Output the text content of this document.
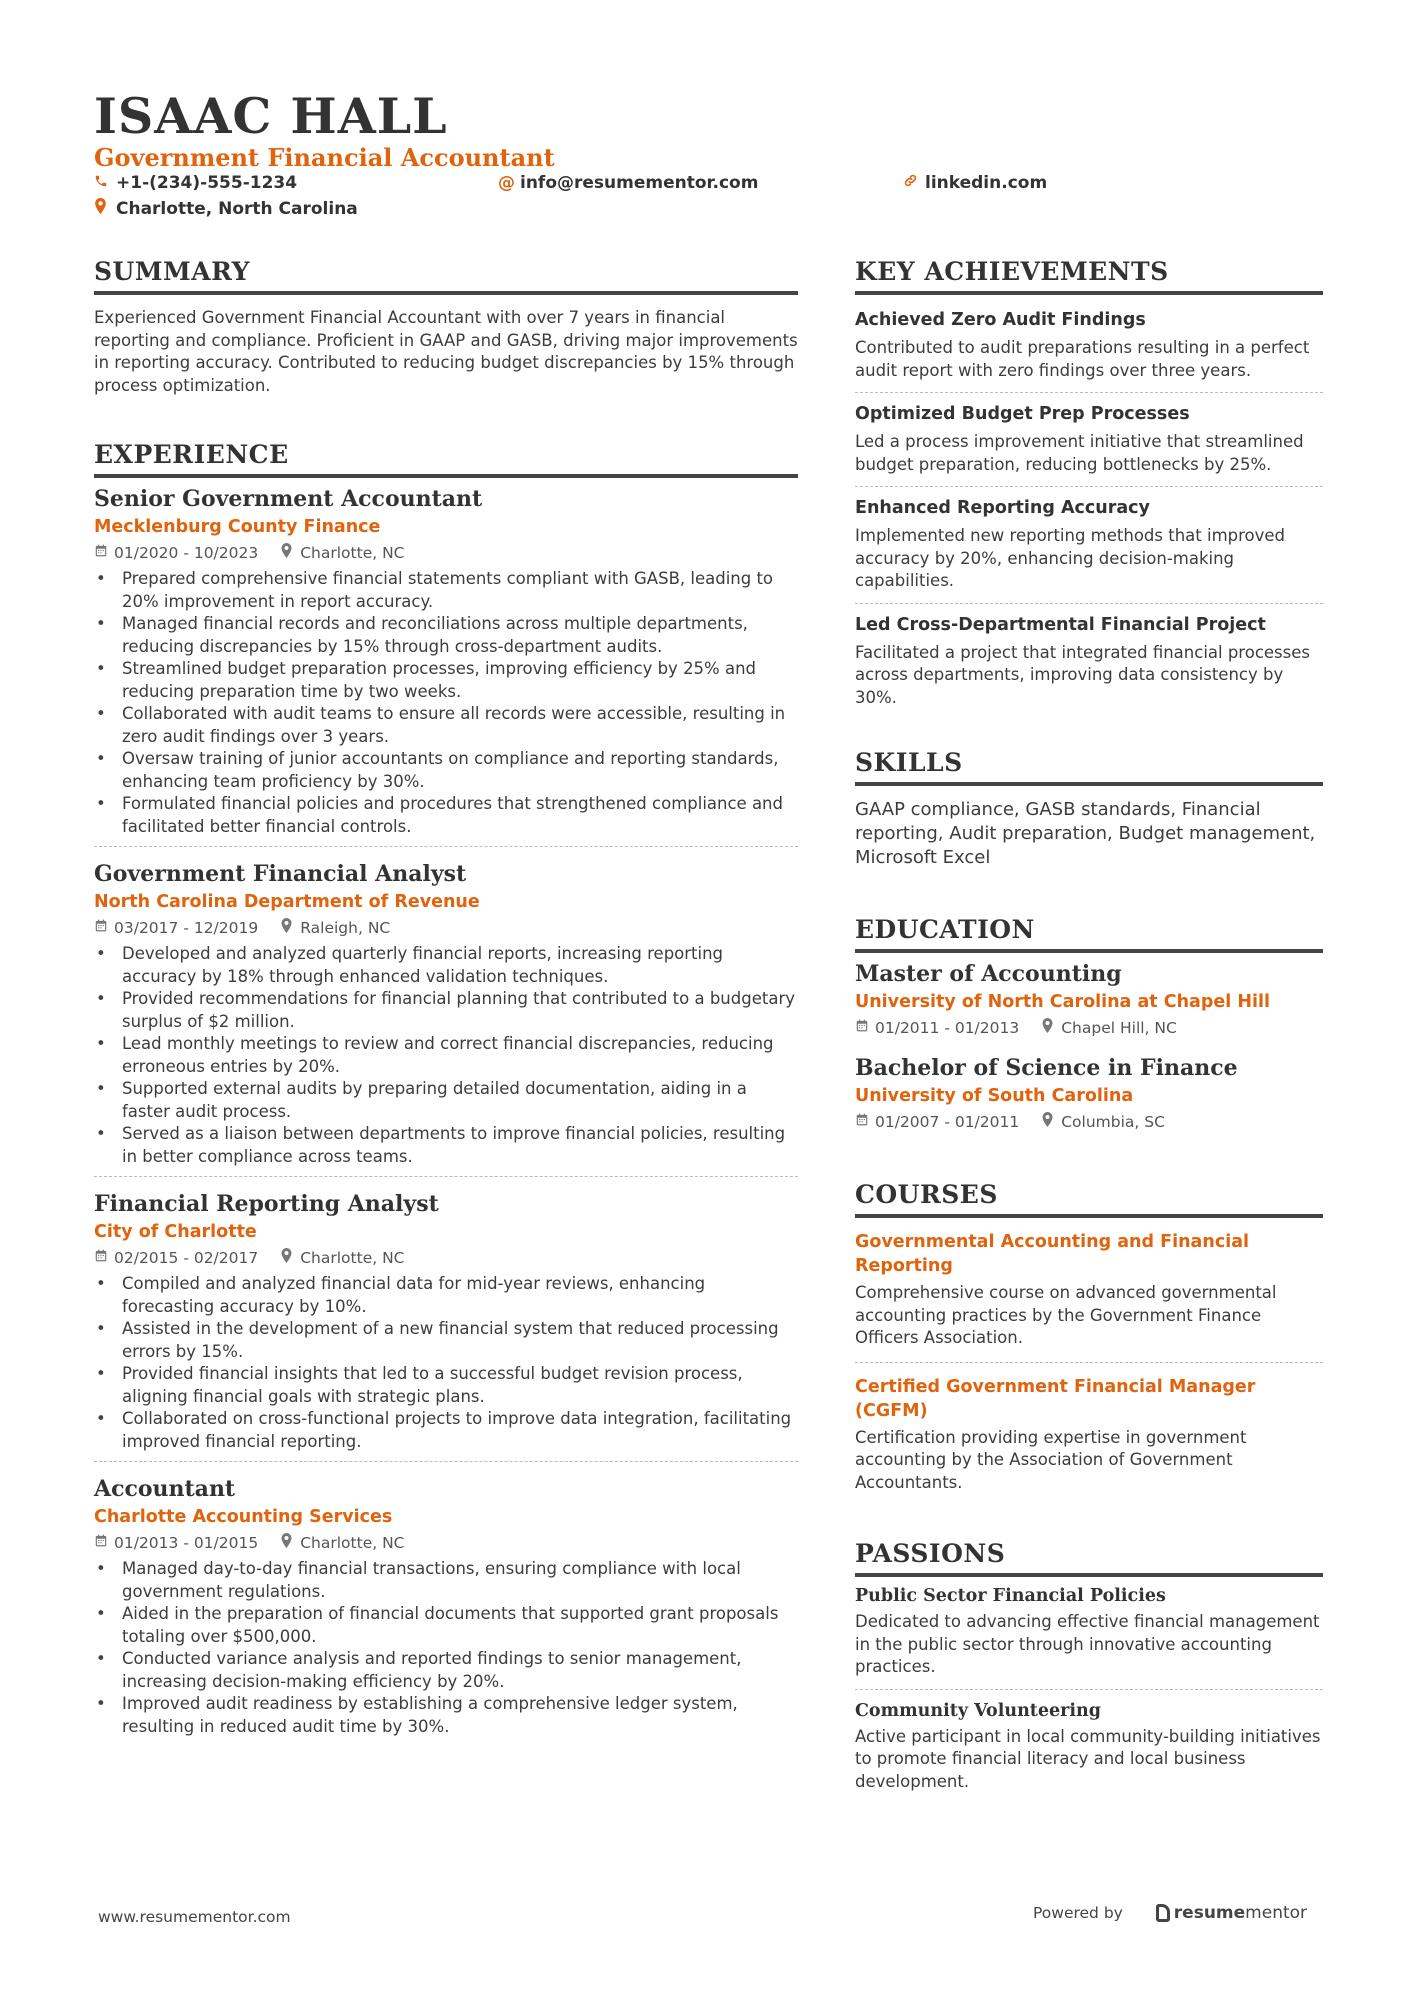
ISAAC HALL
Government Financial Accountant
+1-(234)-555-1234	@ info@resumementor.com	linkedin.com
Charlotte, North Carolina
SUMMARY

Experienced Government Financial Accountant with over 7 years in financial reporting and compliance. Proficient in GAAP and GASB, driving major improvements in reporting accuracy. Contributed to reducing budget discrepancies by 15% through process optimization.

EXPERIENCE
Senior Government Accountant

Mecklenburg County Finance

01/2020 - 10/2023	Charlotte, NC

• Prepared comprehensive financial statements compliant with GASB, leading to 20% improvement in report accuracy.
• Managed financial records and reconciliations across multiple departments, reducing discrepancies by 15% through cross-department audits.
• Streamlined budget preparation processes, improving efficiency by 25% and reducing preparation time by two weeks.
• Collaborated with audit teams to ensure all records were accessible, resulting in zero audit findings over 3 years.
• Oversaw training of junior accountants on compliance and reporting standards, enhancing team proficiency by 30%.
• Formulated financial policies and procedures that strengthened compliance and facilitated better financial controls.
Government Financial Analyst

North Carolina Department of Revenue

03/2017 - 12/2019	Raleigh, NC

• Developed and analyzed quarterly financial reports, increasing reporting accuracy by 18% through enhanced validation techniques.
• Provided recommendations for financial planning that contributed to a budgetary surplus of $2 million.
• Lead monthly meetings to review and correct financial discrepancies, reducing erroneous entries by 20%.
• Supported external audits by preparing detailed documentation, aiding in a faster audit process.
• Served as a liaison between departments to improve financial policies, resulting in better compliance across teams.
Financial Reporting Analyst

City of Charlotte

02/2015 - 02/2017	Charlotte, NC

• Compiled and analyzed financial data for mid-year reviews, enhancing forecasting accuracy by 10%.
• Assisted in the development of a new financial system that reduced processing errors by 15%.
• Provided financial insights that led to a successful budget revision process, aligning financial goals with strategic plans.
• Collaborated on cross-functional projects to improve data integration, facilitating improved financial reporting.
Accountant

Charlotte Accounting Services

01/2013 - 01/2015	Charlotte, NC

• Managed day-to-day financial transactions, ensuring compliance with local government regulations.
• Aided in the preparation of financial documents that supported grant proposals totaling over $500,000.
• Conducted variance analysis and reported findings to senior management, increasing decision-making efficiency by 20%.
• Improved audit readiness by establishing a comprehensive ledger system, resulting in reduced audit time by 30%.
KEY ACHIEVEMENTS

Achieved Zero Audit Findings

Contributed to audit preparations resulting in a perfect audit report with zero findings over three years.

Optimized Budget Prep Processes

Led a process improvement initiative that streamlined budget preparation, reducing bottlenecks by 25%.

Enhanced Reporting Accuracy

Implemented new reporting methods that improved accuracy by 20%, enhancing decision-making capabilities.

Led Cross-Departmental Financial Project

Facilitated a project that integrated financial processes across departments, improving data consistency by 30%.

SKILLS

GAAP compliance, GASB standards, Financial reporting, Audit preparation, Budget management, Microsoft Excel

EDUCATION
Master of Accounting

University of North Carolina at Chapel Hill

01/2011 - 01/2013	Chapel Hill, NC

Bachelor of Science in Finance

University of South Carolina

01/2007 - 01/2011	Columbia, SC

COURSES

Governmental Accounting and Financial Reporting

Comprehensive course on advanced governmental accounting practices by the Government Finance Officers Association.

Certified Government Financial Manager (CGFM)

Certification providing expertise in government accounting by the Association of Government Accountants.

PASSIONS

Public Sector Financial Policies

Dedicated to advancing effective financial management in the public sector through innovative accounting practices.

Community Volunteering

Active participant in local community-building initiatives to promote financial literacy and local business development.

www.resumementor.com	Powered by	resumementor
